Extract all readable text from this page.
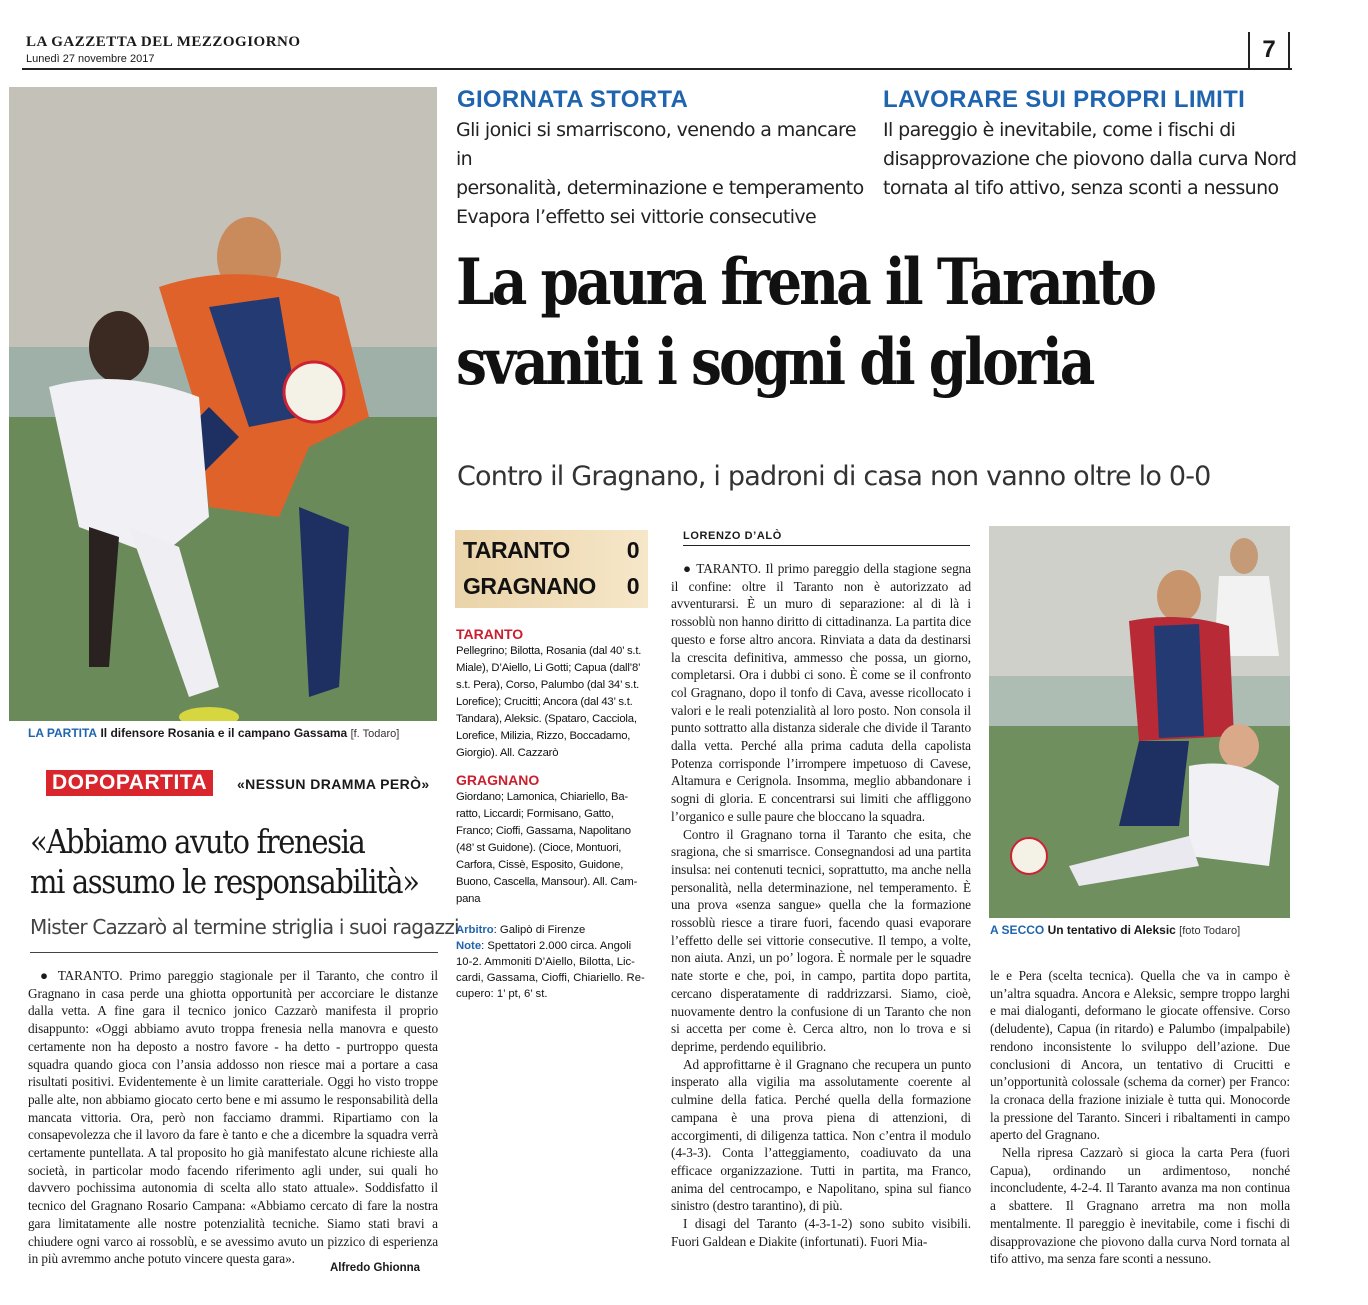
LA GAZZETTA DEL MEZZOGIORNO
Lunedì 27 novembre 2017	7
LA PARTITA Il difensore Rosania e il campano Gassama [f. Todaro]
GIORNATA STORTA
Gli jonici si smarriscono, venendo a mancare in
personalità, determinazione e temperamento
Evapora l’effetto sei vittorie consecutive
LAVORARE SUI PROPRI LIMITI
Il pareggio è inevitabile, come i fischi di
disapprovazione che piovono dalla curva Nord
tornata al tifo attivo, senza sconti a nessuno
La paura frena il Taranto
svaniti i sogni di gloria
Contro il Gragnano, i padroni di casa non vanno oltre lo 0-0
TARANTO 0
GRAGNANO 0
TARANTO
Pellegrino; Bilotta, Rosania (dal 40’ s.t.
Miale), D’Aiello, Li Gotti; Capua (dall’8’
s.t. Pera), Corso, Palumbo (dal 34’ s.t.
Lorefice); Crucitti; Ancora (dal 43’ s.t.
Tandara), Aleksic. (Spataro, Cacciola,
Lorefice, Milizia, Rizzo, Boccadamo,
Giorgio). All. Cazzarò
GRAGNANO
Giordano; Lamonica, Chiariello, Ba-
ratto, Liccardi; Formisano, Gatto,
Franco; Cioffi, Gassama, Napolitano
(48’ st Guidone). (Cioce, Montuori,
Carfora, Cissè, Esposito, Guidone,
Buono, Cascella, Mansour). All. Cam-
pana
Arbitro: Galipò di Firenze
Note: Spettatori 2.000 circa. Angoli
10-2. Ammoniti D’Aiello, Bilotta, Lic-
cardi, Gassama, Cioffi, Chiariello. Re-
cupero: 1’ pt, 6’ st.
LORENZO D’ALÒ

● TARANTO. Il primo pareggio della stagione segna il confine: oltre il Taranto non è autorizzato ad avventurarsi. È un muro di separazione: al di là i rossoblù non hanno diritto di cittadinanza. La partita dice questo e forse altro ancora. Rinviata a data da destinarsi la crescita definitiva, ammesso che possa, un giorno, completarsi. Ora i dubbi ci sono. È come se il confronto col Gragnano, dopo il tonfo di Cava, avesse ricollocato i valori e le reali potenzialità al loro posto. Non consola il punto sottratto alla distanza siderale che divide il Taranto dalla vetta. Perché alla prima caduta della capolista Potenza corrisponde l’irrompere impetuoso di Cavese, Altamura e Cerignola. Insomma, meglio abbandonare i sogni di gloria. E concentrarsi sui limiti che affliggono l’organico e sulle paure che bloccano la squadra.

Contro il Gragnano torna il Taranto che esita, che sragiona, che si smarrisce. Consegnandosi ad una partita insulsa: nei contenuti tecnici, soprattutto, ma anche nella personalità, nella determinazione, nel temperamento. È una prova «senza sangue» quella che la formazione rossoblù riesce a tirare fuori, facendo quasi evaporare l’effetto delle sei vittorie consecutive. Il tempo, a volte, non aiuta. Anzi, un po’ logora. È normale per le squadre nate storte e che, poi, in campo, partita dopo partita, cercano disperatamente di raddrizzarsi. Siamo, cioè, nuovamente dentro la confusione di un Taranto che non si accetta per come è. Cerca altro, non lo trova e si deprime, perdendo equilibrio.

Ad approfittarne è il Gragnano che recupera un punto insperato alla vigilia ma assolutamente coerente al culmine della fatica. Perché quella della formazione campana è una prova piena di attenzioni, di accorgimenti, di diligenza tattica. Non c’entra il modulo (4-3-3). Conta l’atteggiamento, coadiuvato da una efficace organizzazione. Tutti in partita, ma Franco, anima del centrocampo, e Napolitano, spina sul fianco sinistro (destro tarantino), di più.

I disagi del Taranto (4-3-1-2) sono subito visibili. Fuori Galdean e Diakite (infortunati). Fuori Mia-

A SECCO Un tentativo di Aleksic [foto Todaro]

le e Pera (scelta tecnica). Quella che va in campo è un’altra squadra. Ancora e Aleksic, sempre troppo larghi e mai dialoganti, deformano le giocate offensive. Corso (deludente), Capua (in ritardo) e Palumbo (impalpabile) rendono inconsistente lo sviluppo dell’azione. Due conclusioni di Ancora, un tentativo di Crucitti e un’opportunità colossale (schema da corner) per Franco: la cronaca della frazione iniziale è tutta qui. Monocorde la pressione del Taranto. Sinceri i ribaltamenti in campo aperto del Gragnano.

Nella ripresa Cazzarò si gioca la carta Pera (fuori Capua), ordinando un ardimentoso, nonché inconcludente, 4-2-4. Il Taranto avanza ma non continua a sbattere. Il Gragnano arretra ma non molla mentalmente. Il pareggio è inevitabile, come i fischi di disapprovazione che piovono dalla curva Nord tornata al tifo attivo, ma senza fare sconti a nessuno.

DOPOPARTITA	«NESSUN DRAMMA PERÒ»
«Abbiamo avuto frenesia
mi assumo le responsabilità»
Mister Cazzarò al termine striglia i suoi ragazzi
● TARANTO. Primo pareggio stagionale per il Taranto, che contro il Gragnano in casa perde una ghiotta opportunità per accorciare le distanze dalla vetta. A fine gara il tecnico jonico Cazzarò manifesta il proprio disappunto: «Oggi abbiamo avuto troppa frenesia nella manovra e questo certamente non ha deposto a nostro favore - ha detto - purtroppo questa squadra quando gioca con l’ansia addosso non riesce mai a portare a casa risultati positivi. Evidentemente è un limite caratteriale. Oggi ho visto troppe palle alte, non abbiamo giocato certo bene e mi assumo le responsabilità della mancata vittoria. Ora, però non facciamo drammi. Ripartiamo con la consapevolezza che il lavoro da fare è tanto e che a dicembre la squadra verrà certamente puntellata. A tal proposito ho già manifestato alcune richieste alla società, in particolar modo facendo riferimento agli under, sui quali ho davvero pochissima autonomia di scelta allo stato attuale». Soddisfatto il tecnico del Gragnano Rosario Campana: «Abbiamo cercato di fare la nostra gara limitatamente alle nostre potenzialità tecniche. Siamo stati bravi a chiudere ogni varco ai rossoblù, e se avessimo avuto un pizzico di esperienza in più avremmo anche potuto vincere questa gara».
Alfredo Ghionna
